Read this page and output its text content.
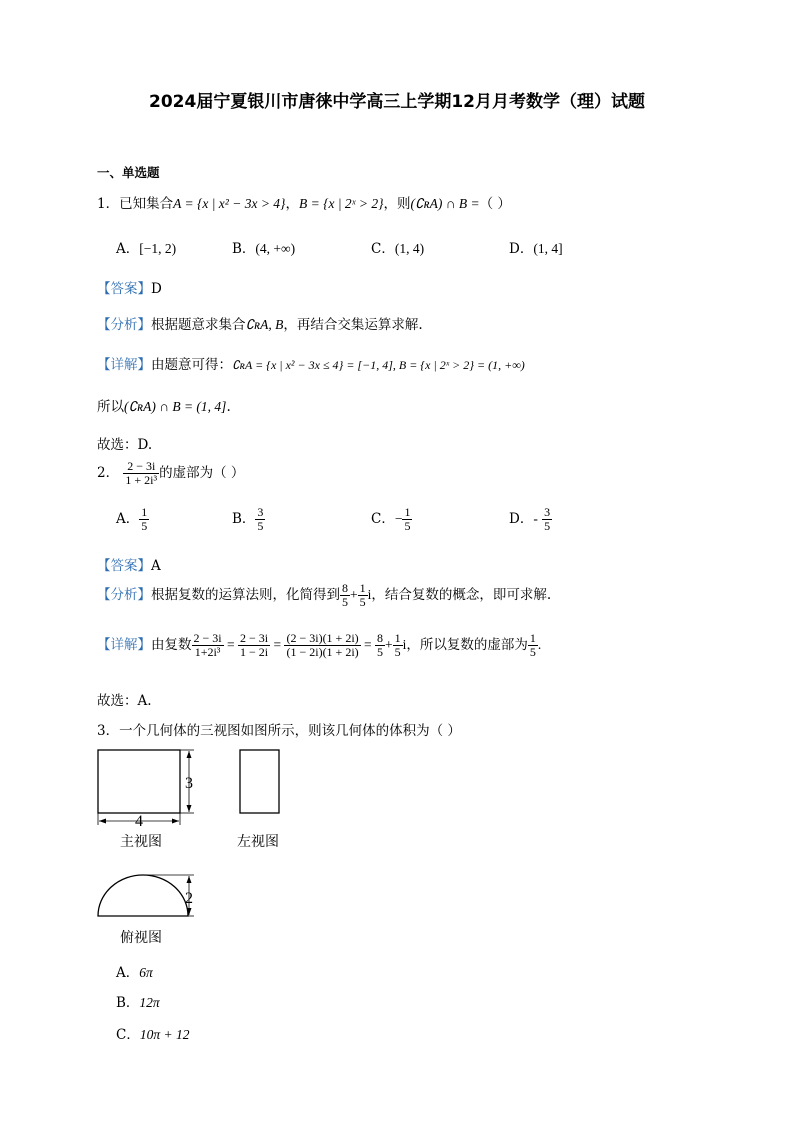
2024届宁夏银川市唐徕中学高三上学期12月月考数学（理）试题
一、单选题
1．已知集合A = {x | x² − 3x > 4}，B = {x | 2ˣ > 2}，则(∁ʀA) ∩ B =（ ）
A．[−1, 2)	B．(4, +∞)	C．(1, 4)	D．(1, 4]
【答案】D
【分析】根据题意求集合∁ʀA, B，再结合交集运算求解.
【详解】由题意可得：∁ʀA = {x | x² − 3x ≤ 4} = [−1, 4], B = {x | 2ˣ > 2} = (1, +∞)
所以(∁ʀA) ∩ B = (1, 4].
故选：D.
2． $\frac{2 - 3i}{\text{1 + 2i³}}$ 的虚部为（ ）
A． $\frac{1}{5}$	B． $\frac{3}{5}$	C．− $\frac{1}{5}$	D．- $\frac{3}{5}$
【答案】A
【分析】根据复数的运算法则，化简得到 $\frac{8}{5} + \frac{1}{5}$ i，结合复数的概念，即可求解.
【详解】由复数 $\frac{2 - 3i}{\text{1+2i³}} = \frac{2 - 3i}{1 - 2i} = \frac{(2 - 3i)(1 + 2i)}{(1 - 2i)(1 + 2i)} = \frac{8}{5} + \frac{1}{5}$ i，所以复数的虚部为 $\frac{1}{5}$ .
故选：A.
3．一个几何体的三视图如图所示，则该几何体的体积为（ ）
3
4
主视图	左视图
2
俯视图
A．6π
B．12π
C．10π + 12
